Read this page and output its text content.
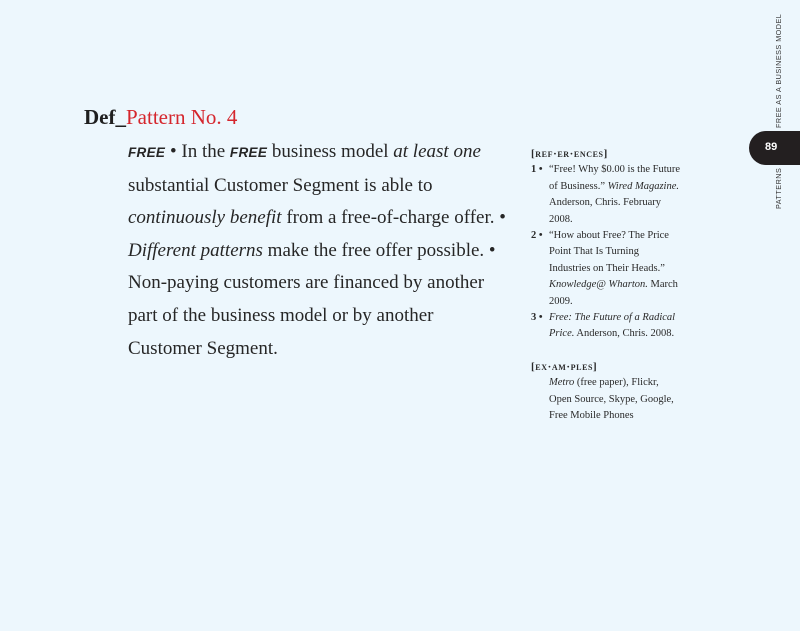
Def_Pattern No. 4
FREE • In the FREE business model at least one substantial Customer Segment is able to continuously benefit from a free-of-charge offer. • Different patterns make the free offer possible. • Non-paying customers are financed by another part of the business model or by another Customer Segment.
[ref·er·ences]
1 • “Free! Why $0.00 is the Future of Business.” Wired Magazine. Anderson, Chris. February 2008.
2 • “How about Free? The Price Point That Is Turning Industries on Their Heads.” Knowledge@ Wharton. March 2009.
3 • Free: The Future of a Radical Price. Anderson, Chris. 2008.
[ex·am·ples]
Metro (free paper), Flickr, Open Source, Skype, Google, Free Mobile Phones
FREE AS A BUSINESS MODEL
89
PATTERNS
